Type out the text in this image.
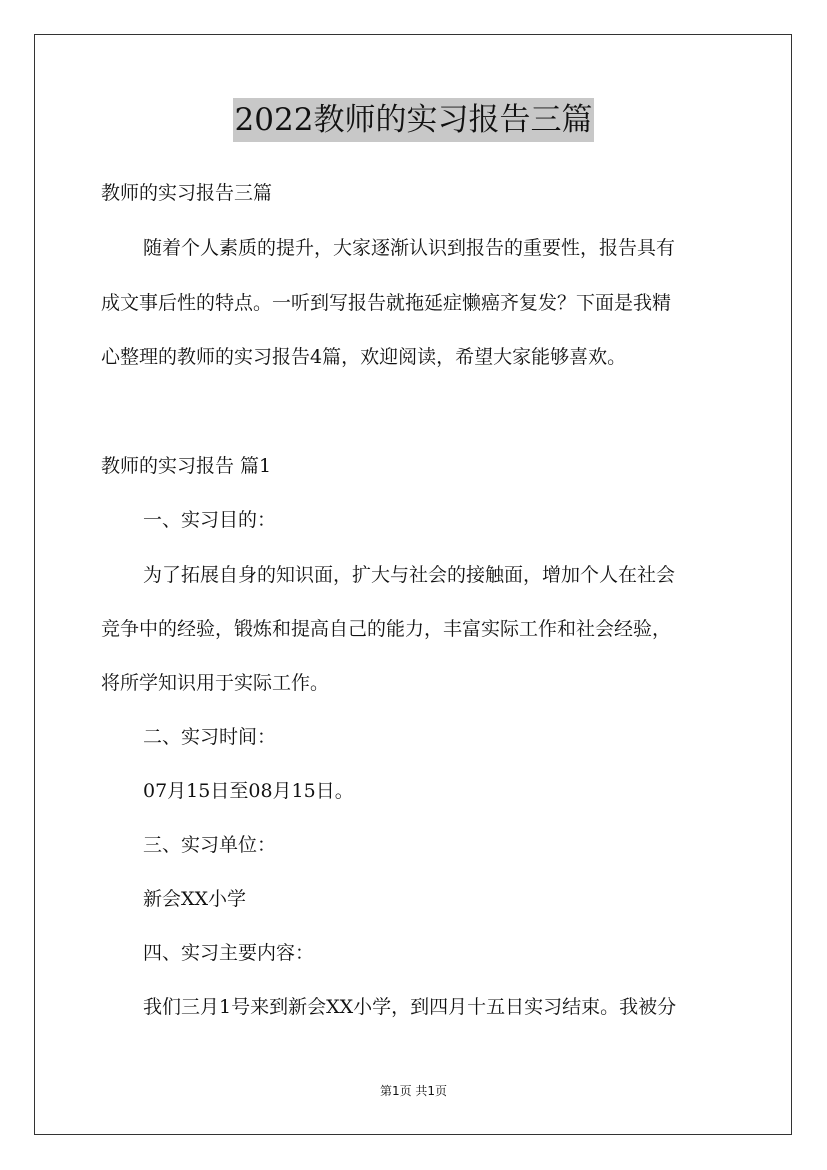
2022教师的实习报告三篇
教师的实习报告三篇
随着个人素质的提升，大家逐渐认识到报告的重要性，报告具有
成文事后性的特点。一听到写报告就拖延症懒癌齐复发？下面是我精
心整理的教师的实习报告4篇，欢迎阅读，希望大家能够喜欢。
教师的实习报告 篇1
一、实习目的：
为了拓展自身的知识面，扩大与社会的接触面，增加个人在社会
竞争中的经验，锻炼和提高自己的能力，丰富实际工作和社会经验，
将所学知识用于实际工作。
二、实习时间：
07月15日至08月15日。
三、实习单位：
新会XX小学
四、实习主要内容：
我们三月1号来到新会XX小学，到四月十五日实习结束。我被分
第1页 共1页
